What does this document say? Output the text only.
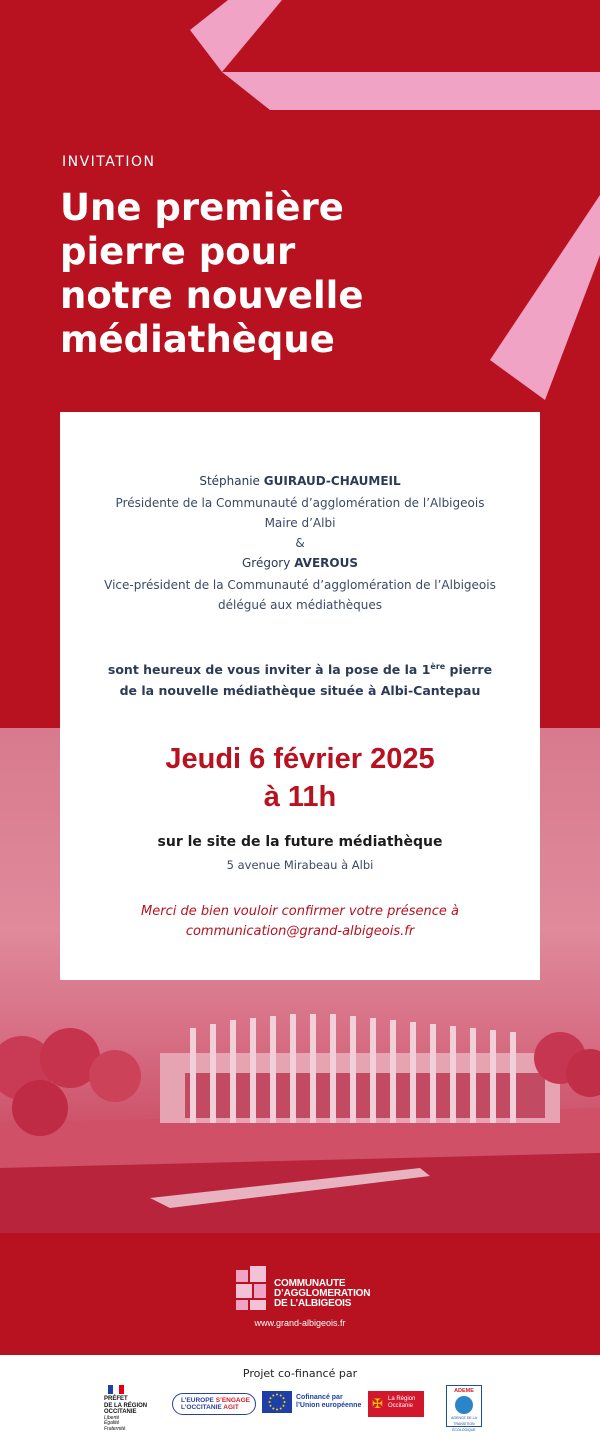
INVITATION
Une première
pierre pour
notre nouvelle
médiathèque
Stéphanie GUIRAUD-CHAUMEIL
Présidente de la Communauté d’agglomération de l’Albigeois
Maire d’Albi
&
Grégory AVEROUS
Vice-président de la Communauté d’agglomération de l’Albigeois
délégué aux médiathèques
sont heureux de vous inviter à la pose de la 1ère pierre
de la nouvelle médiathèque située à Albi-Cantepau
Jeudi 6 février 2025
à 11h
sur le site de la future médiathèque
5 avenue Mirabeau à Albi
Merci de bien vouloir confirmer votre présence à
communication@grand-albigeois.fr
COMMUNAUTE
D’AGGLOMERATION
DE L’ALBIGEOIS
www.grand-albigeois.fr
Projet co-financé par
PRÉFET
DE LA RÉGION
OCCITANIE
Liberté
Égalité
Fraternité
L’EUROPE S’ENGAGE
L’OCCITANIE AGIT
Cofinancé par
l’Union européenne ✠ La Région
Occitanie
ADEME
AGENCE DE LA
TRANSITION
ÉCOLOGIQUE
